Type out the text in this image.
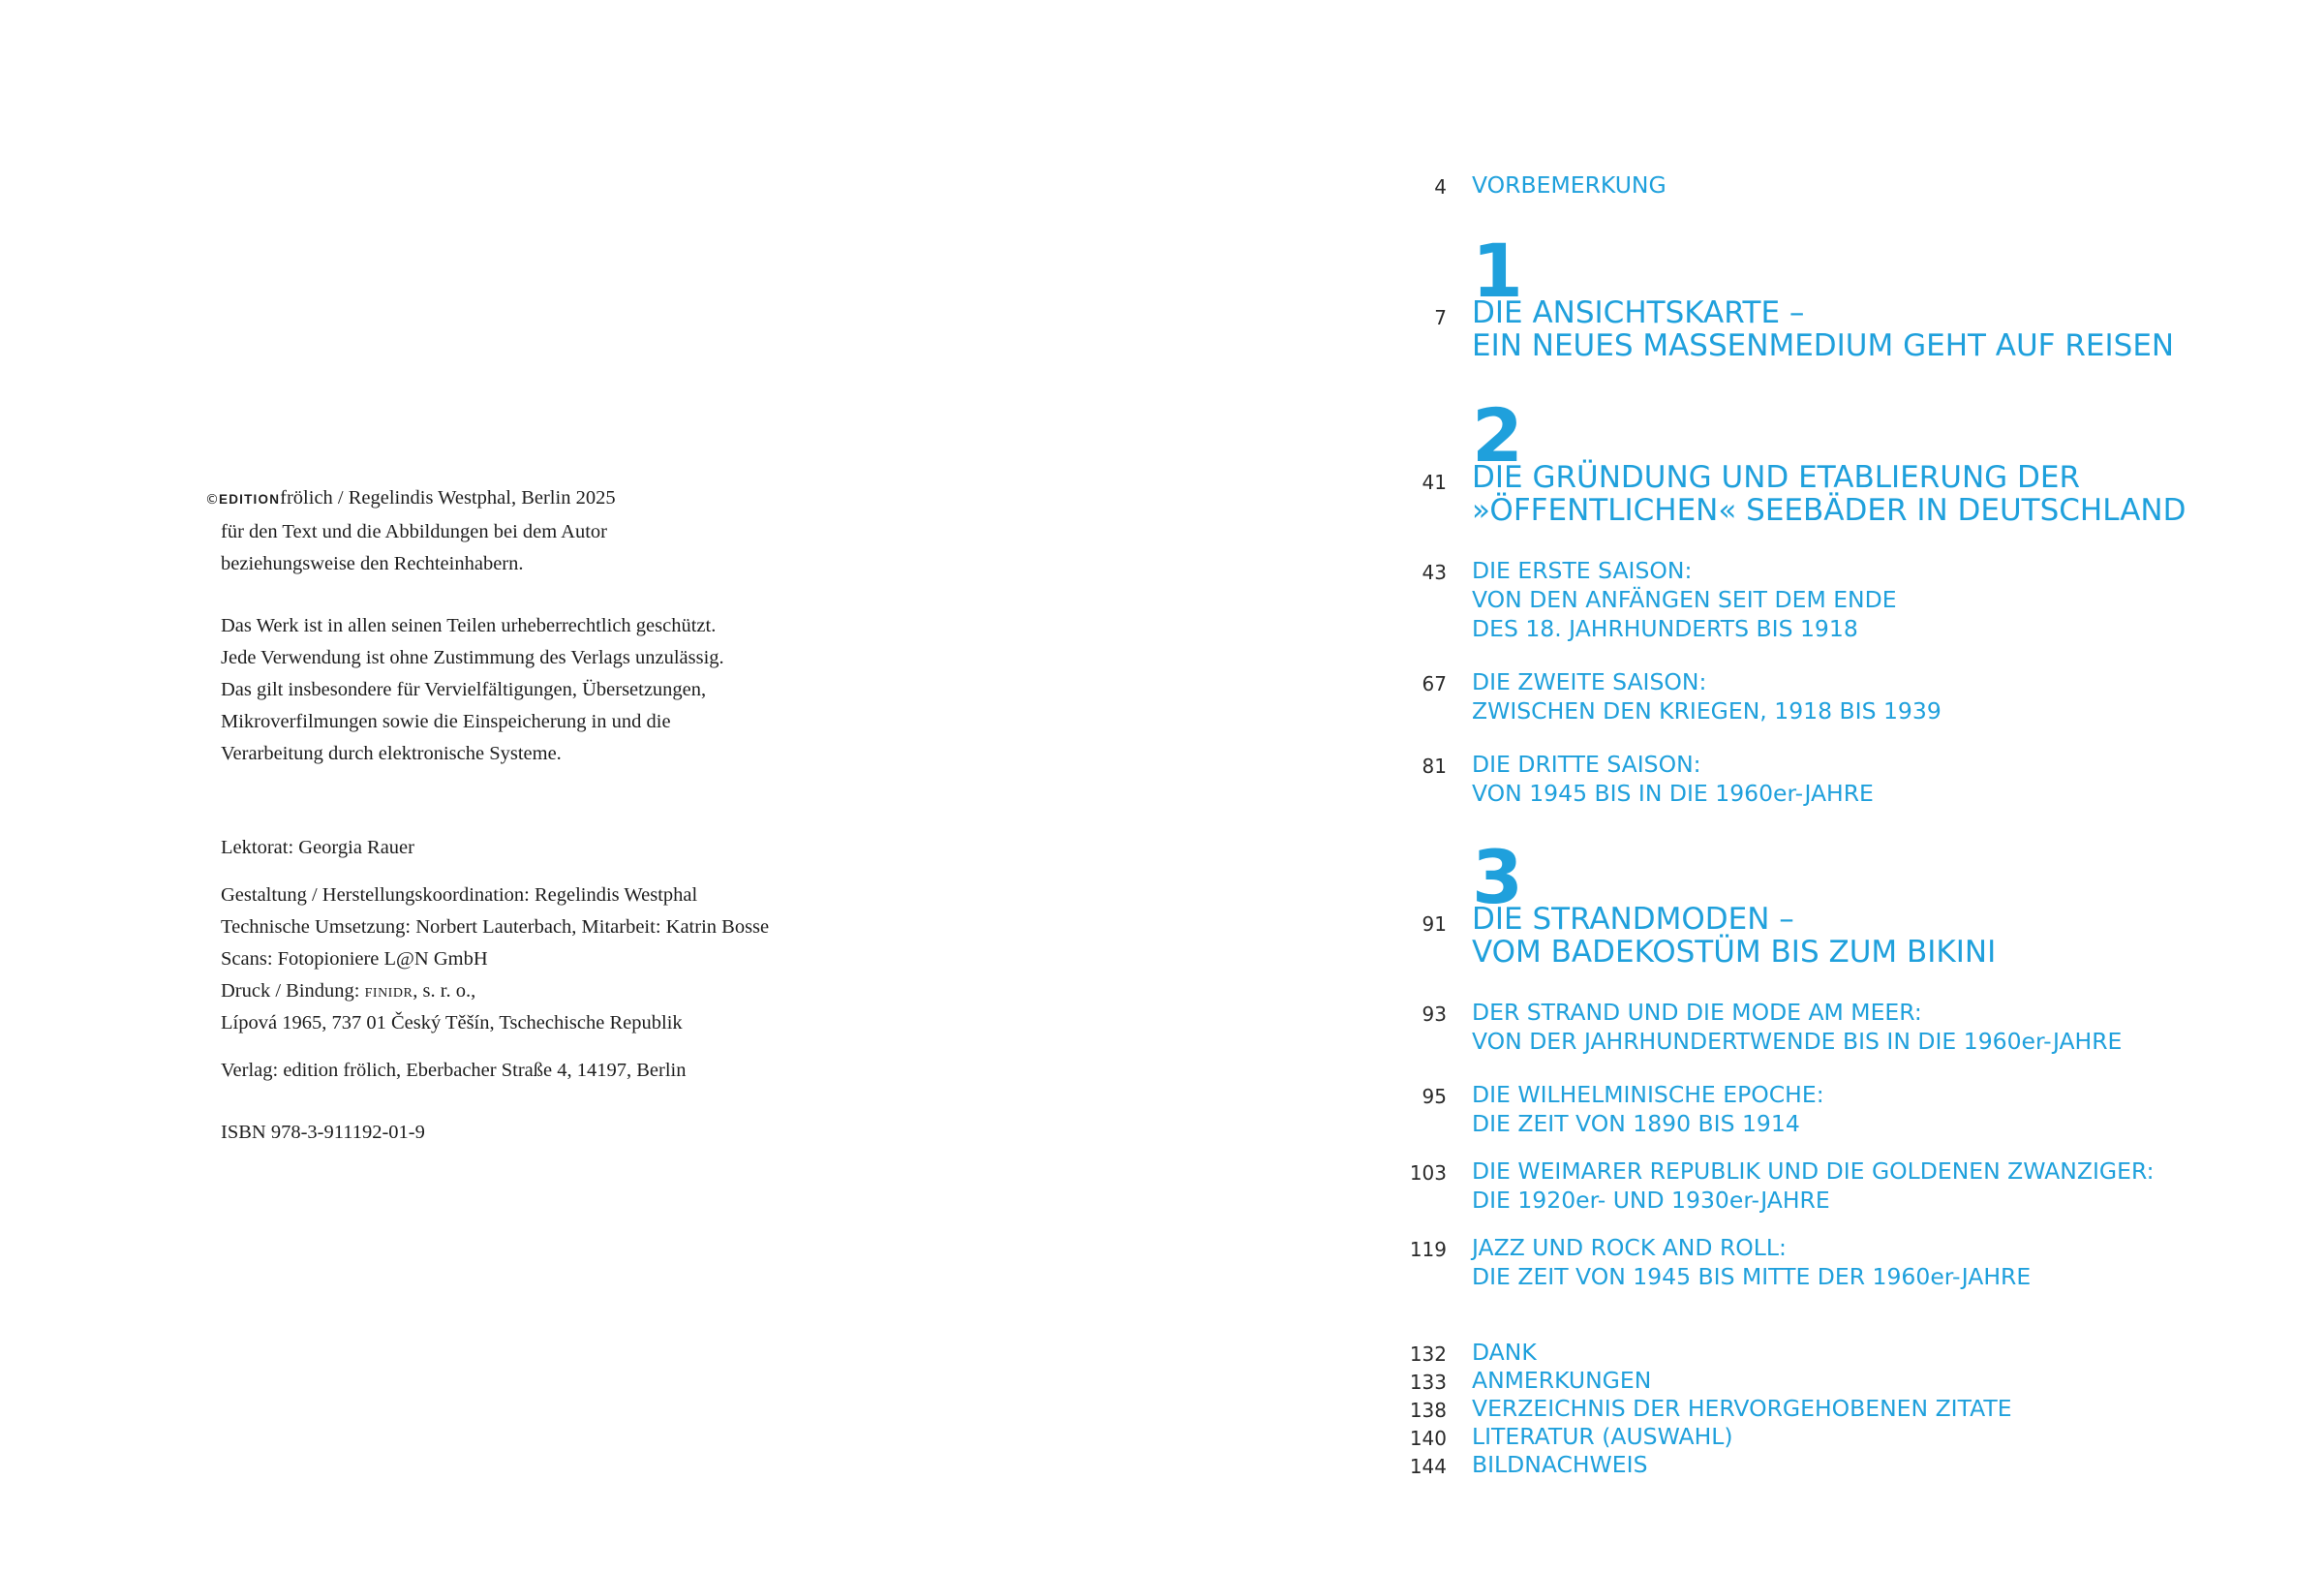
©EDITIONfrölich / Regelindis Westphal, Berlin 2025
für den Text und die Abbildungen bei dem Autor
beziehungsweise den Rechteinhabern.
Das Werk ist in allen seinen Teilen urheberrechtlich geschützt.
Jede Verwendung ist ohne Zustimmung des Verlags unzulässig.
Das gilt insbesondere für Vervielfältigungen, Übersetzungen,
Mikroverfilmungen sowie die Einspeicherung in und die
Verarbeitung durch elektronische Systeme.
Lektorat: Georgia Rauer
Gestaltung / Herstellungskoordination: Regelindis Westphal
Technische Umsetzung: Norbert Lauterbach, Mitarbeit: Katrin Bosse
Scans: Fotopioniere L@N GmbH
Druck / Bindung: finidr, s. r. o.,
Lípová 1965, 737 01 Český Těšín, Tschechische Republik
Verlag: edition frölich, Eberbacher Straße 4, 14197, Berlin
ISBN 978-3-911192-01-9
4 VORBEMERKUNG
1
7 DIE ANSICHTSKARTE –
EIN NEUES MASSENMEDIUM GEHT AUF REISEN
2
41 DIE GRÜNDUNG UND ETABLIERUNG DER
»ÖFFENTLICHEN« SEEBÄDER IN DEUTSCHLAND
43 DIE ERSTE SAISON:
VON DEN ANFÄNGEN SEIT DEM ENDE
DES 18. JAHRHUNDERTS BIS 1918
67 DIE ZWEITE SAISON:
ZWISCHEN DEN KRIEGEN, 1918 BIS 1939
81 DIE DRITTE SAISON:
VON 1945 BIS IN DIE 1960er-JAHRE
3
91 DIE STRANDMODEN –
VOM BADEKOSTÜM BIS ZUM BIKINI
93 DER STRAND UND DIE MODE AM MEER:
VON DER JAHRHUNDERTWENDE BIS IN DIE 1960er-JAHRE
95 DIE WILHELMINISCHE EPOCHE:
DIE ZEIT VON 1890 BIS 1914
103 DIE WEIMARER REPUBLIK UND DIE GOLDENEN ZWANZIGER:
DIE 1920er- UND 1930er-JAHRE
119 JAZZ UND ROCK AND ROLL:
DIE ZEIT VON 1945 BIS MITTE DER 1960er-JAHRE
132 DANK
133 ANMERKUNGEN
138 VERZEICHNIS DER HERVORGEHOBENEN ZITATE
140 LITERATUR (AUSWAHL)
144 BILDNACHWEIS
